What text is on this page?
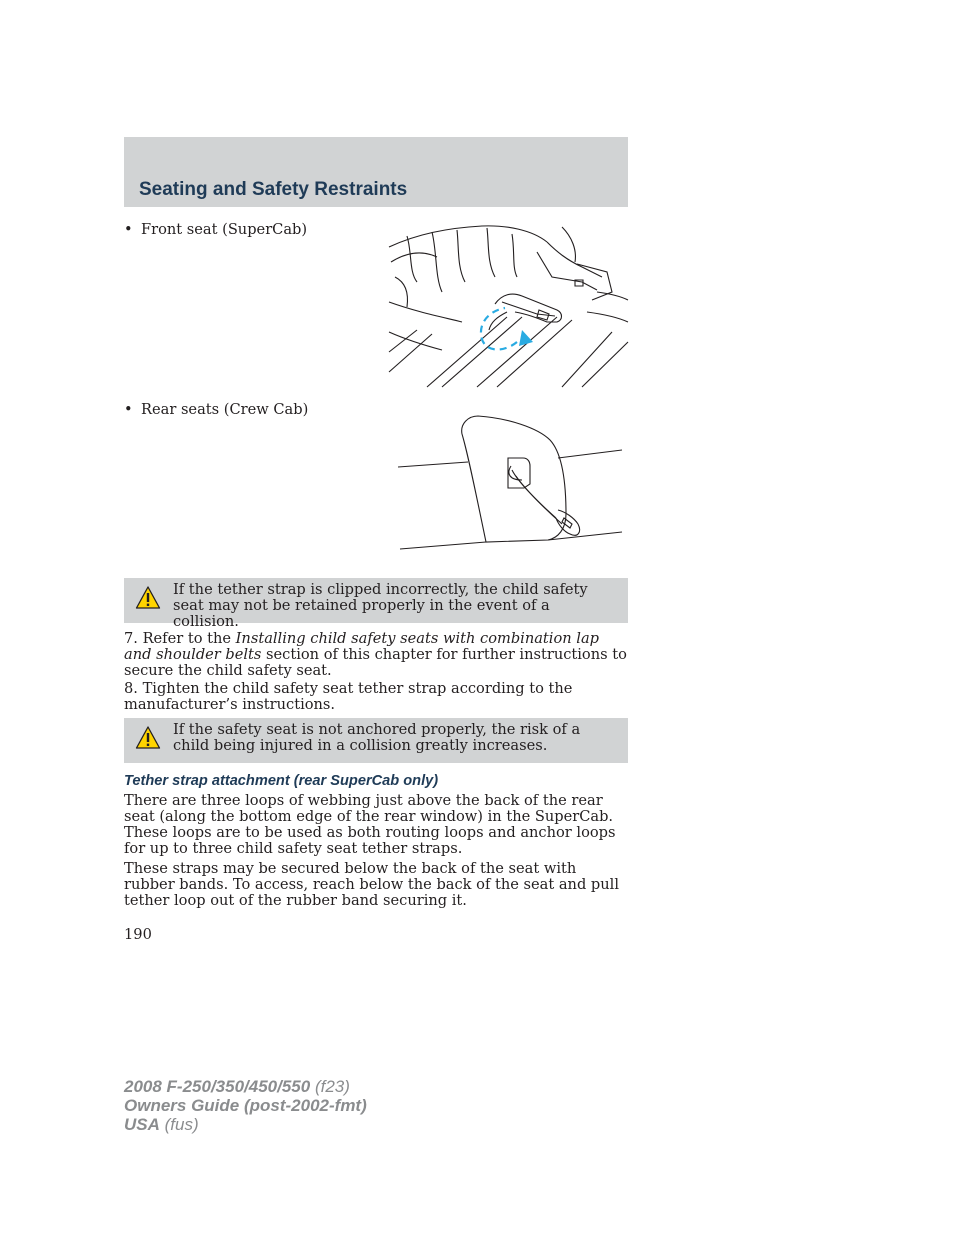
Seating and Safety Restraints
• Front seat (SuperCab)
• Rear seats (Crew Cab)
If the tether strap is clipped incorrectly, the child safety seat may not be retained properly in the event of a collision.

7. Refer to the Installing child safety seats with combination lap and shoulder belts section of this chapter for further instructions to secure the child safety seat.

8. Tighten the child safety seat tether strap according to the manufacturer’s instructions.

If the safety seat is not anchored properly, the risk of a child being injured in a collision greatly increases.
Tether strap attachment (rear SuperCab only)

There are three loops of webbing just above the back of the rear seat (along the bottom edge of the rear window) in the SuperCab. These loops are to be used as both routing loops and anchor loops for up to three child safety seat tether straps.

These straps may be secured below the back of the seat with rubber bands. To access, reach below the back of the seat and pull tether loop out of the rubber band securing it.

190
2008 F-250/350/450/550 (f23)
Owners Guide (post-2002-fmt)
USA (fus)
